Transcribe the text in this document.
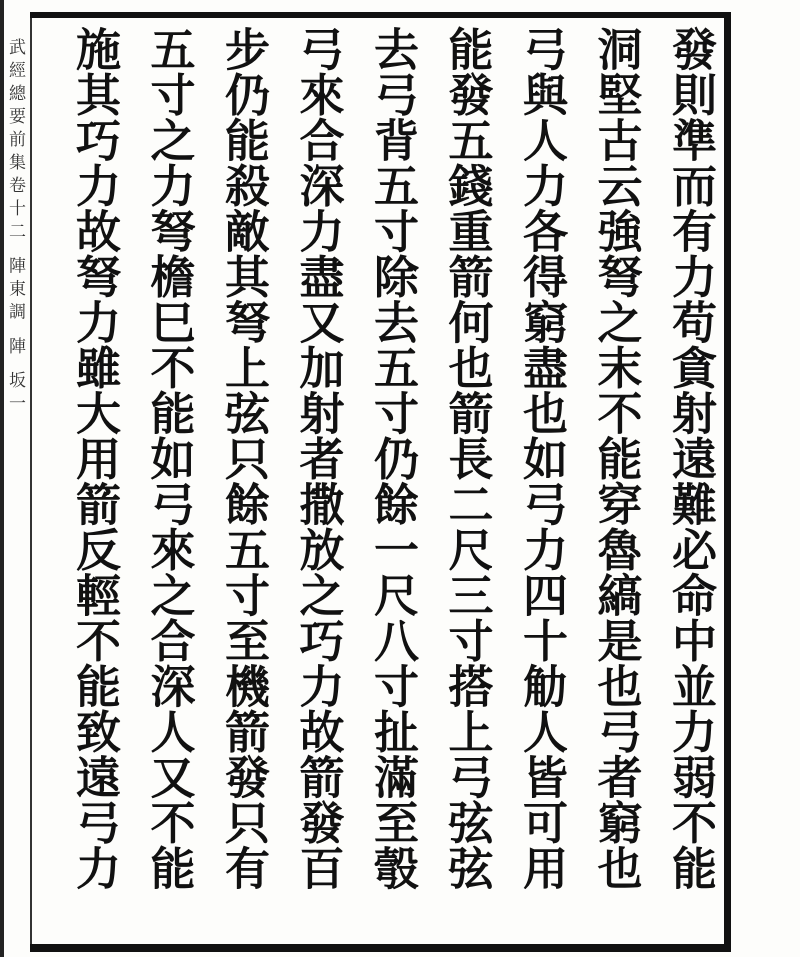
武經總要前集卷十二 陣東調 陣 坂一	發則準而有力苟貪射遠難必命中並力弱不能
洞堅古云強弩之末不能穿魯縞是也弓者窮也
弓與人力各得窮盡也如弓力四十觔人皆可用
能發五錢重箭何也箭長二尺三寸搭上弓弦弦
去弓背五寸除去五寸仍餘一尺八寸扯滿至彀
弓來合深力盡又加射者撒放之巧力故箭發百
步仍能殺敵其弩上弦只餘五寸至機箭發只有
五寸之力弩檐巳不能如弓來之合深人又不能
施其巧力故弩力雖大用箭反輕不能致遠弓力
